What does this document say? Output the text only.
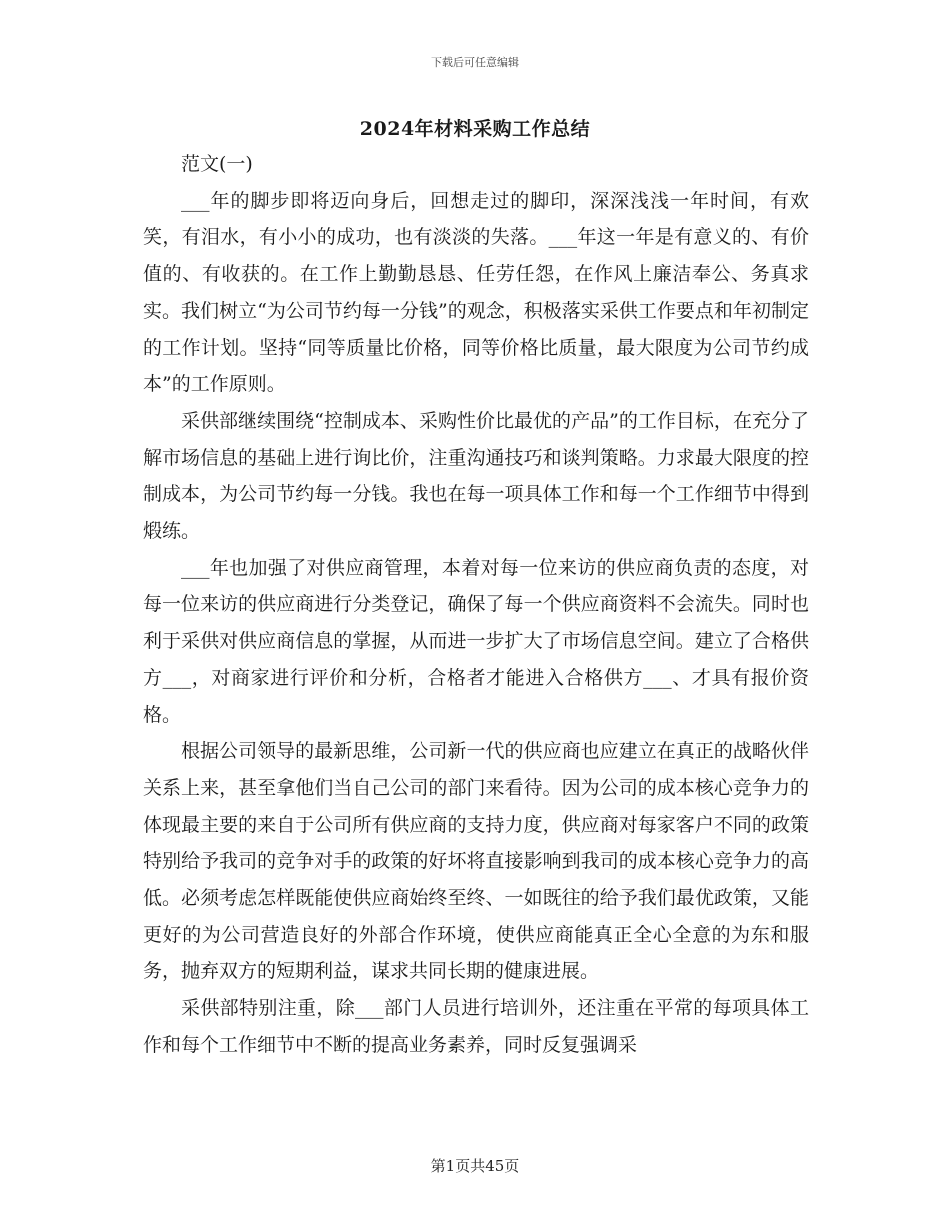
下载后可任意编辑
2024年材料采购工作总结

范文(一)

___年的脚步即将迈向身后，回想走过的脚印，深深浅浅一年时间，有欢笑，有泪水，有小小的成功，也有淡淡的失落。___年这一年是有意义的、有价值的、有收获的。在工作上勤勤恳恳、任劳任怨，在作风上廉洁奉公、务真求实。我们树立“为公司节约每一分钱”的观念，积极落实采供工作要点和年初制定的工作计划。坚持“同等质量比价格，同等价格比质量，最大限度为公司节约成本”的工作原则。

采供部继续围绕“控制成本、采购性价比最优的产品”的工作目标，在充分了解市场信息的基础上进行询比价，注重沟通技巧和谈判策略。力求最大限度的控制成本，为公司节约每一分钱。我也在每一项具体工作和每一个工作细节中得到煅练。

___年也加强了对供应商管理，本着对每一位来访的供应商负责的态度，对每一位来访的供应商进行分类登记，确保了每一个供应商资料不会流失。同时也利于采供对供应商信息的掌握，从而进一步扩大了市场信息空间。建立了合格供方___，对商家进行评价和分析，合格者才能进入合格供方___、才具有报价资格。

根据公司领导的最新思维，公司新一代的供应商也应建立在真正的战略伙伴关系上来，甚至拿他们当自己公司的部门来看待。因为公司的成本核心竞争力的体现最主要的来自于公司所有供应商的支持力度，供应商对每家客户不同的政策特别给予我司的竞争对手的政策的好坏将直接影响到我司的成本核心竞争力的高低。必须考虑怎样既能使供应商始终至终、一如既往的给予我们最优政策，又能更好的为公司营造良好的外部合作环境，使供应商能真正全心全意的为东和服务，抛弃双方的短期利益，谋求共同长期的健康进展。

采供部特别注重，除___部门人员进行培训外，还注重在平常的每项具体工作和每个工作细节中不断的提高业务素养，同时反复强调采

第1页共45页
